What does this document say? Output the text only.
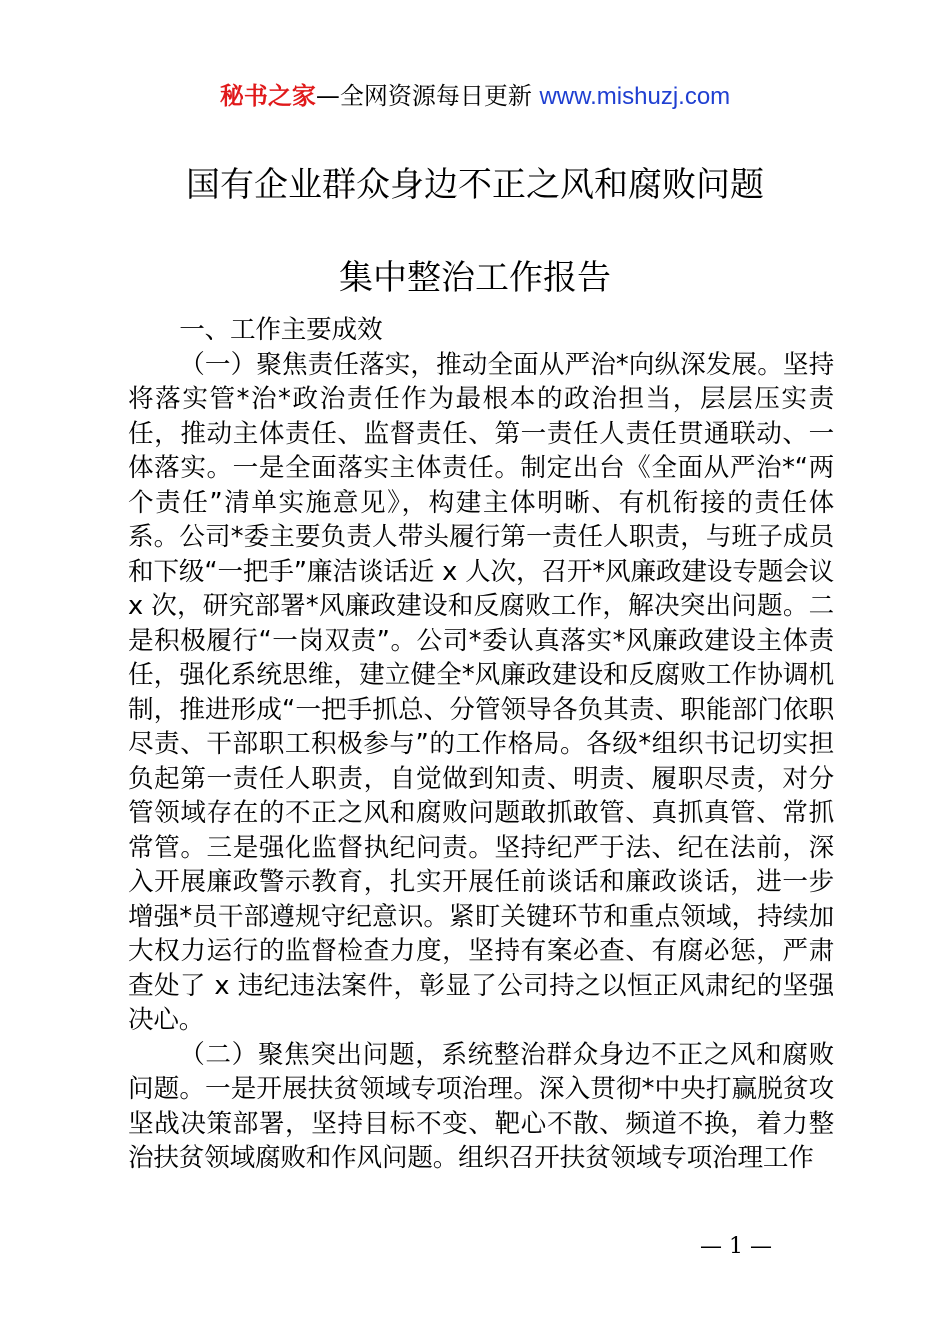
秘书之家—全网资源每日更新 www.mishuzj.com
国有企业群众身边不正之风和腐败问题
集中整治工作报告

一、工作主要成效

（一）聚焦责任落实，推动全面从严治*向纵深发展。坚持将落实管*治*政治责任作为最根本的政治担当，层层压实责任，推动主体责任、监督责任、第一责任人责任贯通联动、一体落实。一是全面落实主体责任。制定出台《全面从严治*“两个责任”清单实施意见》，构建主体明晰、有机衔接的责任体系。公司*委主要负责人带头履行第一责任人职责，与班子成员和下级“一把手”廉洁谈话近 x 人次，召开*风廉政建设专题会议 x 次，研究部署*风廉政建设和反腐败工作，解决突出问题。二是积极履行“一岗双责”。公司*委认真落实*风廉政建设主体责任，强化系统思维，建立健全*风廉政建设和反腐败工作协调机制，推进形成“一把手抓总、分管领导各负其责、职能部门依职尽责、干部职工积极参与”的工作格局。各级*组织书记切实担负起第一责任人职责，自觉做到知责、明责、履职尽责，对分管领域存在的不正之风和腐败问题敢抓敢管、真抓真管、常抓常管。三是强化监督执纪问责。坚持纪严于法、纪在法前，深入开展廉政警示教育，扎实开展任前谈话和廉政谈话，进一步增强*员干部遵规守纪意识。紧盯关键环节和重点领域，持续加大权力运行的监督检查力度，坚持有案必查、有腐必惩，严肃查处了 x 违纪违法案件，彰显了公司持之以恒正风肃纪的坚强决心。

（二）聚焦突出问题，系统整治群众身边不正之风和腐败问题。一是开展扶贫领域专项治理。深入贯彻*中央打赢脱贫攻坚战决策部署，坚持目标不变、靶心不散、频道不换，着力整治扶贫领域腐败和作风问题。组织召开扶贫领域专项治理工作

— 1 —
